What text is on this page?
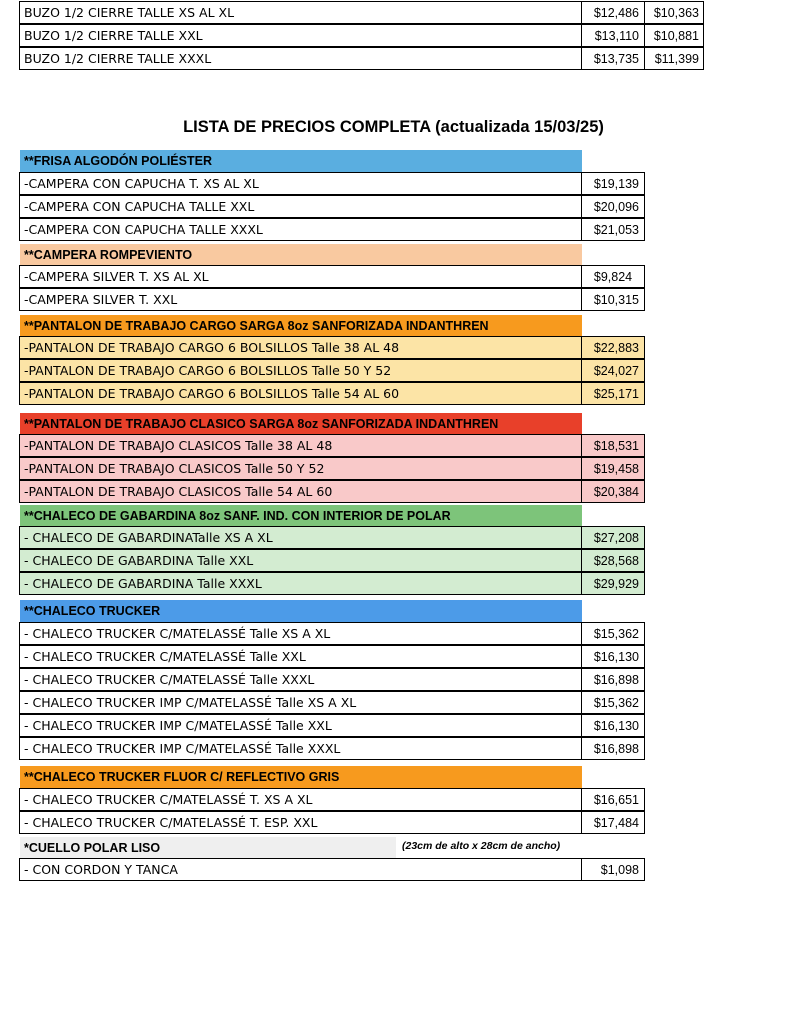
BUZO 1/2 CIERRE TALLE XS AL XL	$12,486	$10,363
BUZO 1/2 CIERRE TALLE XXL	$13,110	$10,881
BUZO 1/2 CIERRE TALLE XXXL	$13,735	$11,399
LISTA DE PRECIOS COMPLETA (actualizada 15/03/25)
**FRISA ALGODÓN POLIÉSTER
-CAMPERA CON CAPUCHA T. XS AL XL	$19,139
-CAMPERA CON CAPUCHA TALLE XXL	$20,096
-CAMPERA CON CAPUCHA TALLE XXXL	$21,053
**CAMPERA ROMPEVIENTO
-CAMPERA SILVER T. XS AL XL	$9,824
-CAMPERA SILVER T. XXL	$10,315
**PANTALON DE TRABAJO CARGO SARGA 8oz SANFORIZADA INDANTHREN
-PANTALON DE TRABAJO CARGO 6 BOLSILLOS Talle 38 AL 48	$22,883
-PANTALON DE TRABAJO CARGO 6 BOLSILLOS Talle 50 Y 52	$24,027
-PANTALON DE TRABAJO CARGO 6 BOLSILLOS Talle 54 AL 60	$25,171
**PANTALON DE TRABAJO CLASICO SARGA 8oz SANFORIZADA INDANTHREN
-PANTALON DE TRABAJO CLASICOS Talle 38 AL 48	$18,531
-PANTALON DE TRABAJO CLASICOS Talle 50 Y 52	$19,458
-PANTALON DE TRABAJO CLASICOS Talle 54 AL 60	$20,384
**CHALECO DE GABARDINA 8oz SANF. IND. CON INTERIOR DE POLAR
- CHALECO DE GABARDINATalle XS A XL	$27,208
- CHALECO DE GABARDINA Talle XXL	$28,568
- CHALECO DE GABARDINA Talle XXXL	$29,929
**CHALECO TRUCKER
- CHALECO TRUCKER C/MATELASSÉ Talle XS A XL	$15,362
- CHALECO TRUCKER C/MATELASSÉ Talle XXL	$16,130
- CHALECO TRUCKER C/MATELASSÉ Talle XXXL	$16,898
- CHALECO TRUCKER IMP C/MATELASSÉ Talle XS A XL	$15,362
- CHALECO TRUCKER IMP C/MATELASSÉ Talle XXL	$16,130
- CHALECO TRUCKER IMP C/MATELASSÉ Talle XXXL	$16,898
**CHALECO TRUCKER FLUOR C/ REFLECTIVO GRIS
- CHALECO TRUCKER C/MATELASSÉ T. XS A XL	$16,651
- CHALECO TRUCKER C/MATELASSÉ T. ESP. XXL	$17,484
*CUELLO POLAR LISO	(23cm de alto x 28cm de ancho)
- CON CORDON Y TANCA	$1,098
